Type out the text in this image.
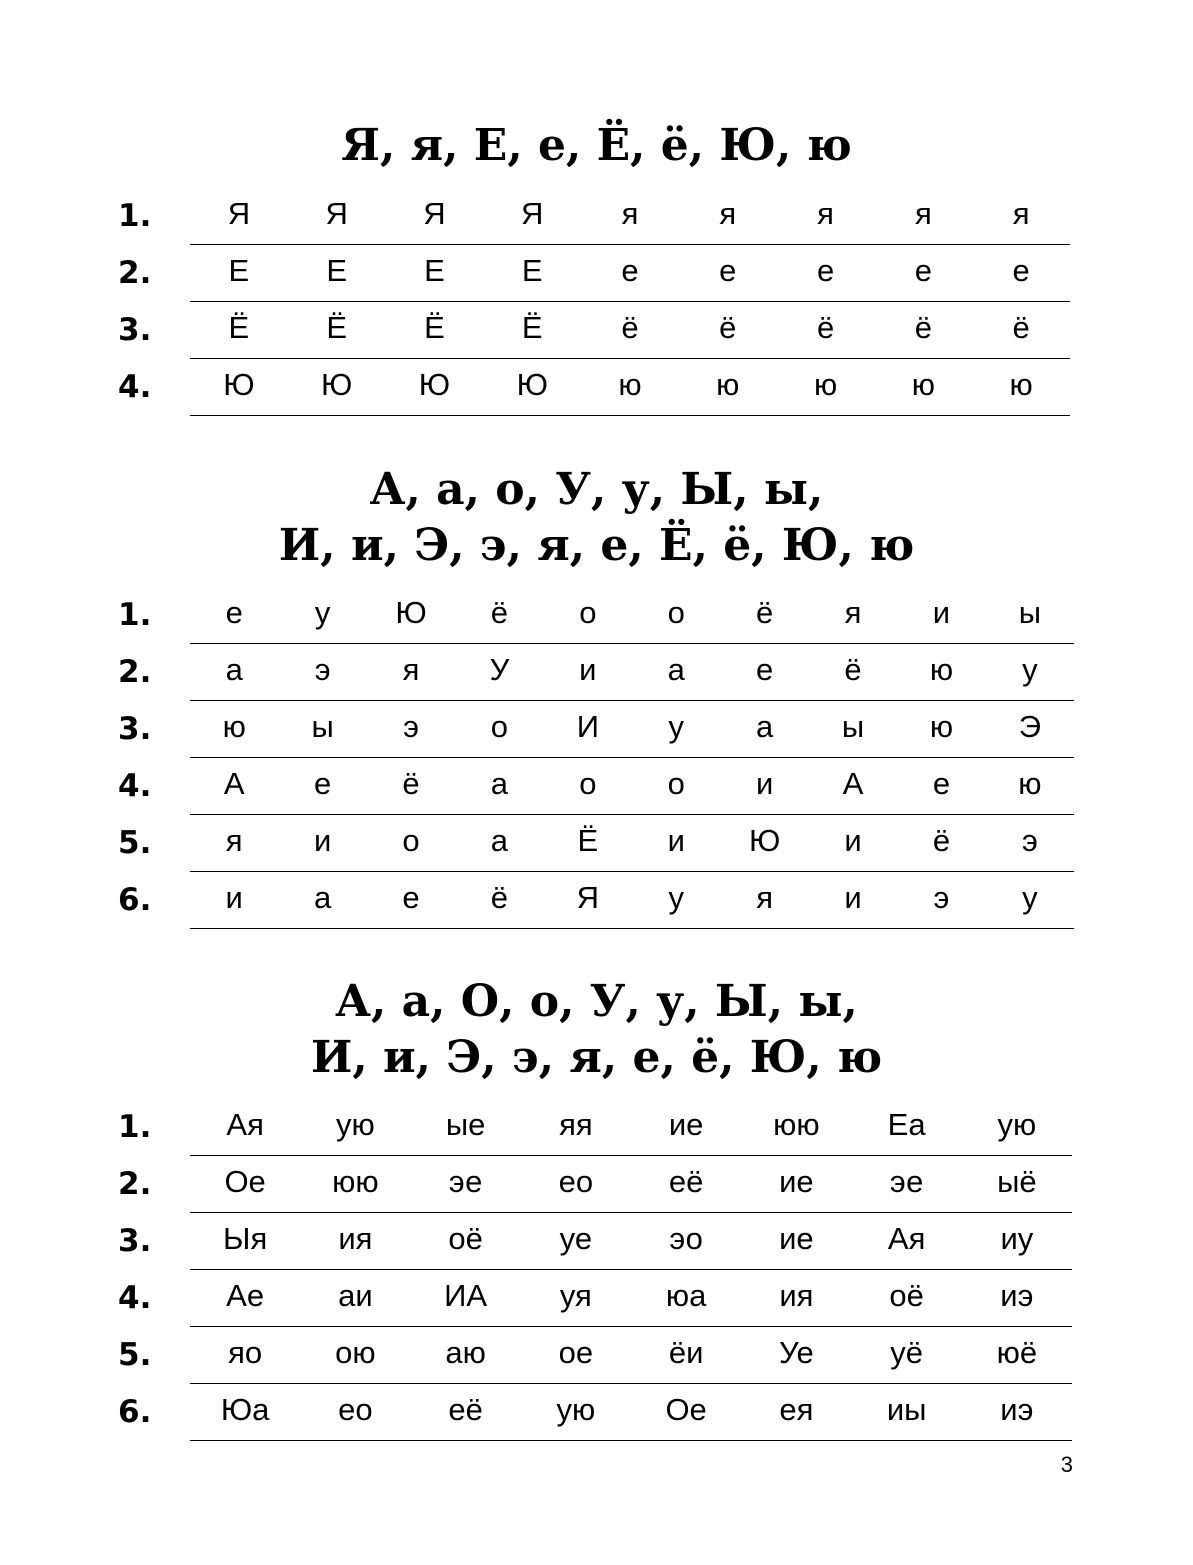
Я, я, Е, е, Ё, ё, Ю, ю
1.	Я	Я	Я	Я	я	я	я	я	я
2.	Е	Е	Е	Е	е	е	е	е	е
3.	Ё	Ё	Ё	Ё	ё	ё	ё	ё	ё
4.	Ю	Ю	Ю	Ю	ю	ю	ю	ю	ю
А, а, о, У, у, Ы, ы,
И, и, Э, э, я, е, Ё, ё, Ю, ю
1.	е	у	Ю	ё	о	о	ё	я	и	ы
2.	а	э	я	У	и	а	е	ё	ю	у
3.	ю	ы	э	о	И	у	а	ы	ю	Э
4.	А	е	ё	а	о	о	и	А	е	ю
5.	я	и	о	а	Ё	и	Ю	и	ё	э
6.	и	а	е	ё	Я	у	я	и	э	у
А, а, О, о, У, у, Ы, ы,
И, и, Э, э, я, е, ё, Ю, ю
1.	Ая	ую	ые	яя	ие	юю	Еа	ую
2.	Ое	юю	эе	ео	её	ие	эе	ыё
3.	Ыя	ия	оё	уе	эо	ие	Ая	иу
4.	Ае	аи	ИА	уя	юа	ия	оё	иэ
5.	яо	ою	аю	ое	ёи	Уе	уё	юё
6.	Юа	ео	её	ую	Ое	ея	иы	иэ
3
